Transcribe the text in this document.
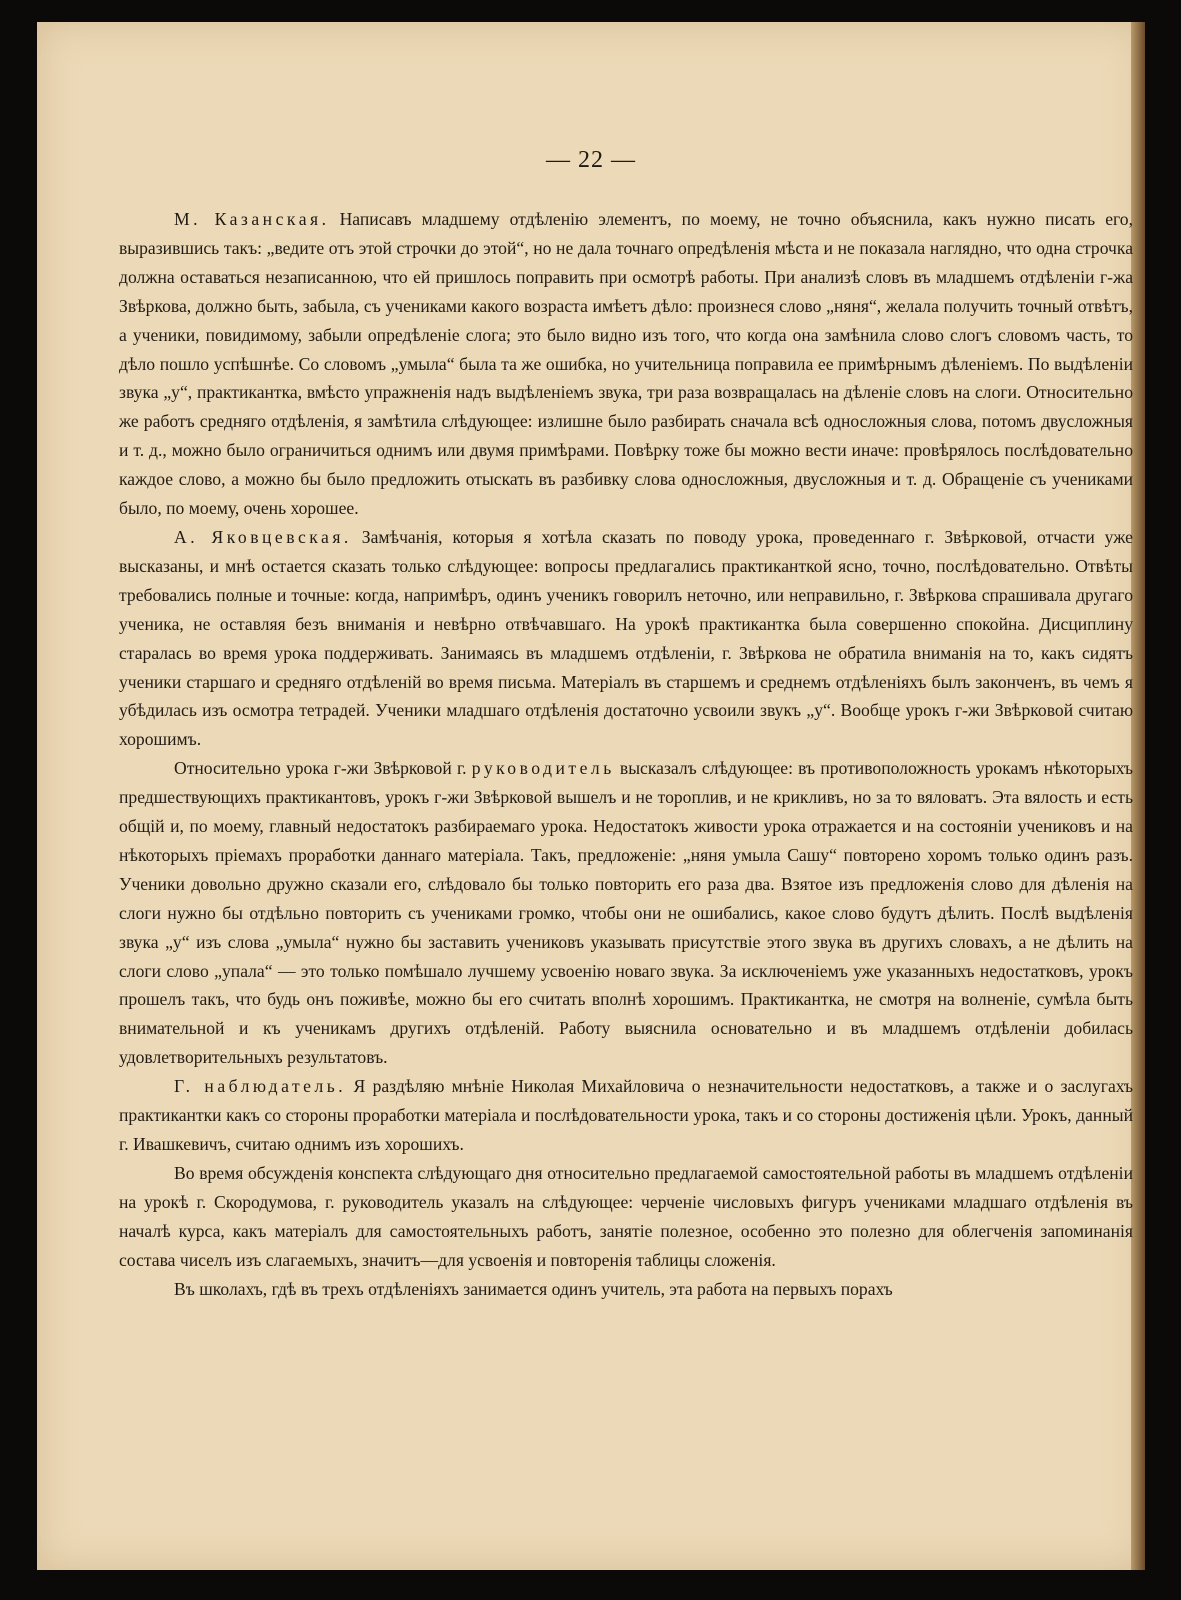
— 22 —

М. Казанская. Написавъ младшему отдѣленію элементъ, по моему, не точно объяснила, какъ нужно писать его, выразившись такъ: „ведите отъ этой строчки до этой“, но не дала точнаго опредѣленія мѣста и не показала наглядно, что одна строчка должна оставаться незаписанною, что ей пришлось поправить при осмотрѣ работы. При анализѣ словъ въ младшемъ отдѣленіи г-жа Звѣркова, должно быть, забыла, съ учениками какого возраста имѣетъ дѣло: произнеся слово „няня“, желала получить точный отвѣтъ, а ученики, повидимому, забыли опредѣленіе слога; это было видно изъ того, что когда она замѣнила слово слогъ словомъ часть, то дѣло пошло успѣшнѣе. Со словомъ „умыла“ была та же ошибка, но учительница поправила ее примѣрнымъ дѣленіемъ. По выдѣленіи звука „у“, практикантка, вмѣсто упражненія надъ выдѣленіемъ звука, три раза возвращалась на дѣленіе словъ на слоги. Относительно же работъ средняго отдѣленія, я замѣтила слѣдующее: излишне было разбирать сначала всѣ односложныя слова, потомъ двусложныя и т. д., можно было ограничиться однимъ или двумя примѣрами. Повѣрку тоже бы можно вести иначе: провѣрялось послѣдовательно каждое слово, а можно бы было предложить отыскать въ разбивку слова односложныя, двусложныя и т. д. Обращеніе съ учениками было, по моему, очень хорошее.

А. Яковцевская. Замѣчанія, которыя я хотѣла сказать по поводу урока, проведеннаго г. Звѣрковой, отчасти уже высказаны, и мнѣ остается сказать только слѣдующее: вопросы предлагались практиканткой ясно, точно, послѣдовательно. Отвѣты требовались полные и точные: когда, напримѣръ, одинъ ученикъ говорилъ неточно, или неправильно, г. Звѣркова спрашивала другаго ученика, не оставляя безъ вниманія и невѣрно отвѣчавшаго. На урокѣ практикантка была совершенно спокойна. Дисциплину старалась во время урока поддерживать. Занимаясь въ младшемъ отдѣленіи, г. Звѣркова не обратила вниманія на то, какъ сидятъ ученики старшаго и средняго отдѣленій во время письма. Матеріалъ въ старшемъ и среднемъ отдѣленіяхъ былъ законченъ, въ чемъ я убѣдилась изъ осмотра тетрадей. Ученики младшаго отдѣленія достаточно усвоили звукъ „у“. Вообще урокъ г-жи Звѣрковой считаю хорошимъ.

Относительно урока г-жи Звѣрковой г. руководитель высказалъ слѣдующее: въ противоположность урокамъ нѣкоторыхъ предшествующихъ практикантовъ, урокъ г-жи Звѣрковой вышелъ и не тороплив, и не крикливъ, но за то вяловатъ. Эта вялость и есть общій и, по моему, главный недостатокъ разбираемаго урока. Недостатокъ живости урока отражается и на состояніи учениковъ и на нѣкоторыхъ пріемахъ проработки даннаго матеріала. Такъ, предложеніе: „няня умыла Сашу“ повторено хоромъ только одинъ разъ. Ученики довольно дружно сказали его, слѣдовало бы только повторить его раза два. Взятое изъ предложенія слово для дѣленія на слоги нужно бы отдѣльно повторить съ учениками громко, чтобы они не ошибались, какое слово будутъ дѣлить. Послѣ выдѣленія звука „у“ изъ слова „умыла“ нужно бы заставить учениковъ указывать присутствіе этого звука въ другихъ словахъ, а не дѣлить на слоги слово „упала“ — это только помѣшало лучшему усвоенію новаго звука. За исключеніемъ уже указанныхъ недостатковъ, урокъ прошелъ такъ, что будь онъ поживѣе, можно бы его считать вполнѣ хорошимъ. Практикантка, не смотря на волненіе, сумѣла быть внимательной и къ ученикамъ другихъ отдѣленій. Работу выяснила основательно и въ младшемъ отдѣленіи добилась удовлетворительныхъ результатовъ.

Г. наблюдатель. Я раздѣляю мнѣніе Николая Михайловича о незначительности недостатковъ, а также и о заслугахъ практикантки какъ со стороны проработки матеріала и послѣдовательности урока, такъ и со стороны достиженія цѣли. Урокъ, данный г. Ивашкевичъ, считаю однимъ изъ хорошихъ.

Во время обсужденія конспекта слѣдующаго дня относительно предлагаемой самостоятельной работы въ младшемъ отдѣленіи на урокѣ г. Скородумова, г. руководитель указалъ на слѣдующее: черченіе числовыхъ фигуръ учениками младшаго отдѣленія въ началѣ курса, какъ матеріалъ для самостоятельныхъ работъ, занятіе полезное, особенно это полезно для облегченія запоминанія состава чиселъ изъ слагаемыхъ, значитъ—для усвоенія и повторенія таблицы сложенія.

Въ школахъ, гдѣ въ трехъ отдѣленіяхъ занимается одинъ учитель, эта работа на первыхъ порахъ
